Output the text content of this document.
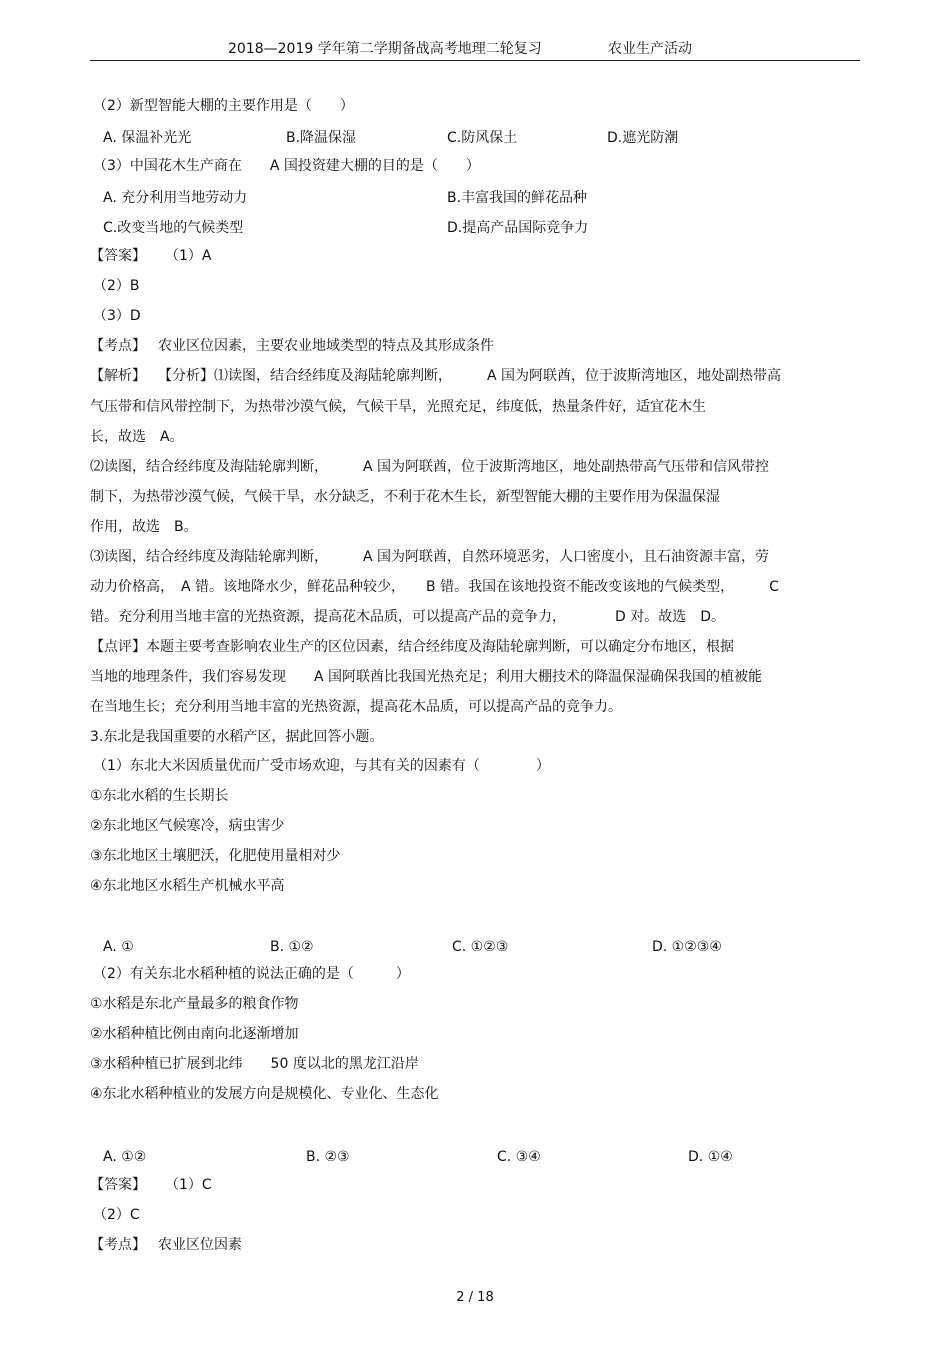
2018—2019 学年第二学期备战高考地理二轮复习	农业生产活动
（2）新型智能大棚的主要作用是（　　）
A. 保温补光光	B.降温保湿	C.防风保土	D.遮光防潮
（3）中国花木生产商在　　A 国投资建大棚的目的是（　　）
A. 充分利用当地劳动力	B.丰富我国的鲜花品种
C.改变当地的气候类型	D.提高产品国际竞争力
【答案】 （1）A
（2）B
（3）D
【考点】 农业区位因素，主要农业地域类型的特点及其形成条件
【解析】 【分析】⑴读图，结合经纬度及海陆轮廓判断，　　　A 国为阿联酋，位于波斯湾地区，地处副热带高
气压带和信风带控制下，为热带沙漠气候，气候干旱，光照充足，纬度低，热量条件好，适宜花木生
长，故选　A。
⑵读图，结合经纬度及海陆轮廓判断，　　　A 国为阿联酋，位于波斯湾地区，地处副热带高气压带和信风带控
制下，为热带沙漠气候，气候干旱，水分缺乏，不利于花木生长，新型智能大棚的主要作用为保温保湿
作用，故选　B。
⑶读图，结合经纬度及海陆轮廓判断，　　　A 国为阿联酋，自然环境恶劣，人口密度小，且石油资源丰富，劳
动力价格高，　A 错。该地降水少，鲜花品种较少，　　B 错。我国在该地投资不能改变该地的气候类型，　　　C
错。充分利用当地丰富的光热资源，提高花木品质，可以提高产品的竞争力，　　　　D 对。故选　D。
【点评】本题主要考查影响农业生产的区位因素，结合经纬度及海陆轮廓判断，可以确定分布地区，根据
当地的地理条件，我们容易发现　　A 国阿联酋比我国光热充足；利用大棚技术的降温保湿确保我国的植被能
在当地生长；充分利用当地丰富的光热资源，提高花木品质，可以提高产品的竞争力。
3.东北是我国重要的水稻产区，据此回答小题。
（1）东北大米因质量优而广受市场欢迎，与其有关的因素有（　　　　）
①东北水稻的生长期长
②东北地区气候寒冷，病虫害少
③东北地区土壤肥沃，化肥使用量相对少
④东北地区水稻生产机械水平高
A. ①	B. ①②	C. ①②③	D. ①②③④
（2）有关东北水稻种植的说法正确的是（　　　）
①水稻是东北产量最多的粮食作物
②水稻种植比例由南向北逐渐增加
③水稻种植已扩展到北纬　　50 度以北的黑龙江沿岸
④东北水稻种植业的发展方向是规模化、专业化、生态化
A. ①②	B. ②③	C. ③④	D. ①④
【答案】 （1）C
（2）C
【考点】 农业区位因素
2 / 18
